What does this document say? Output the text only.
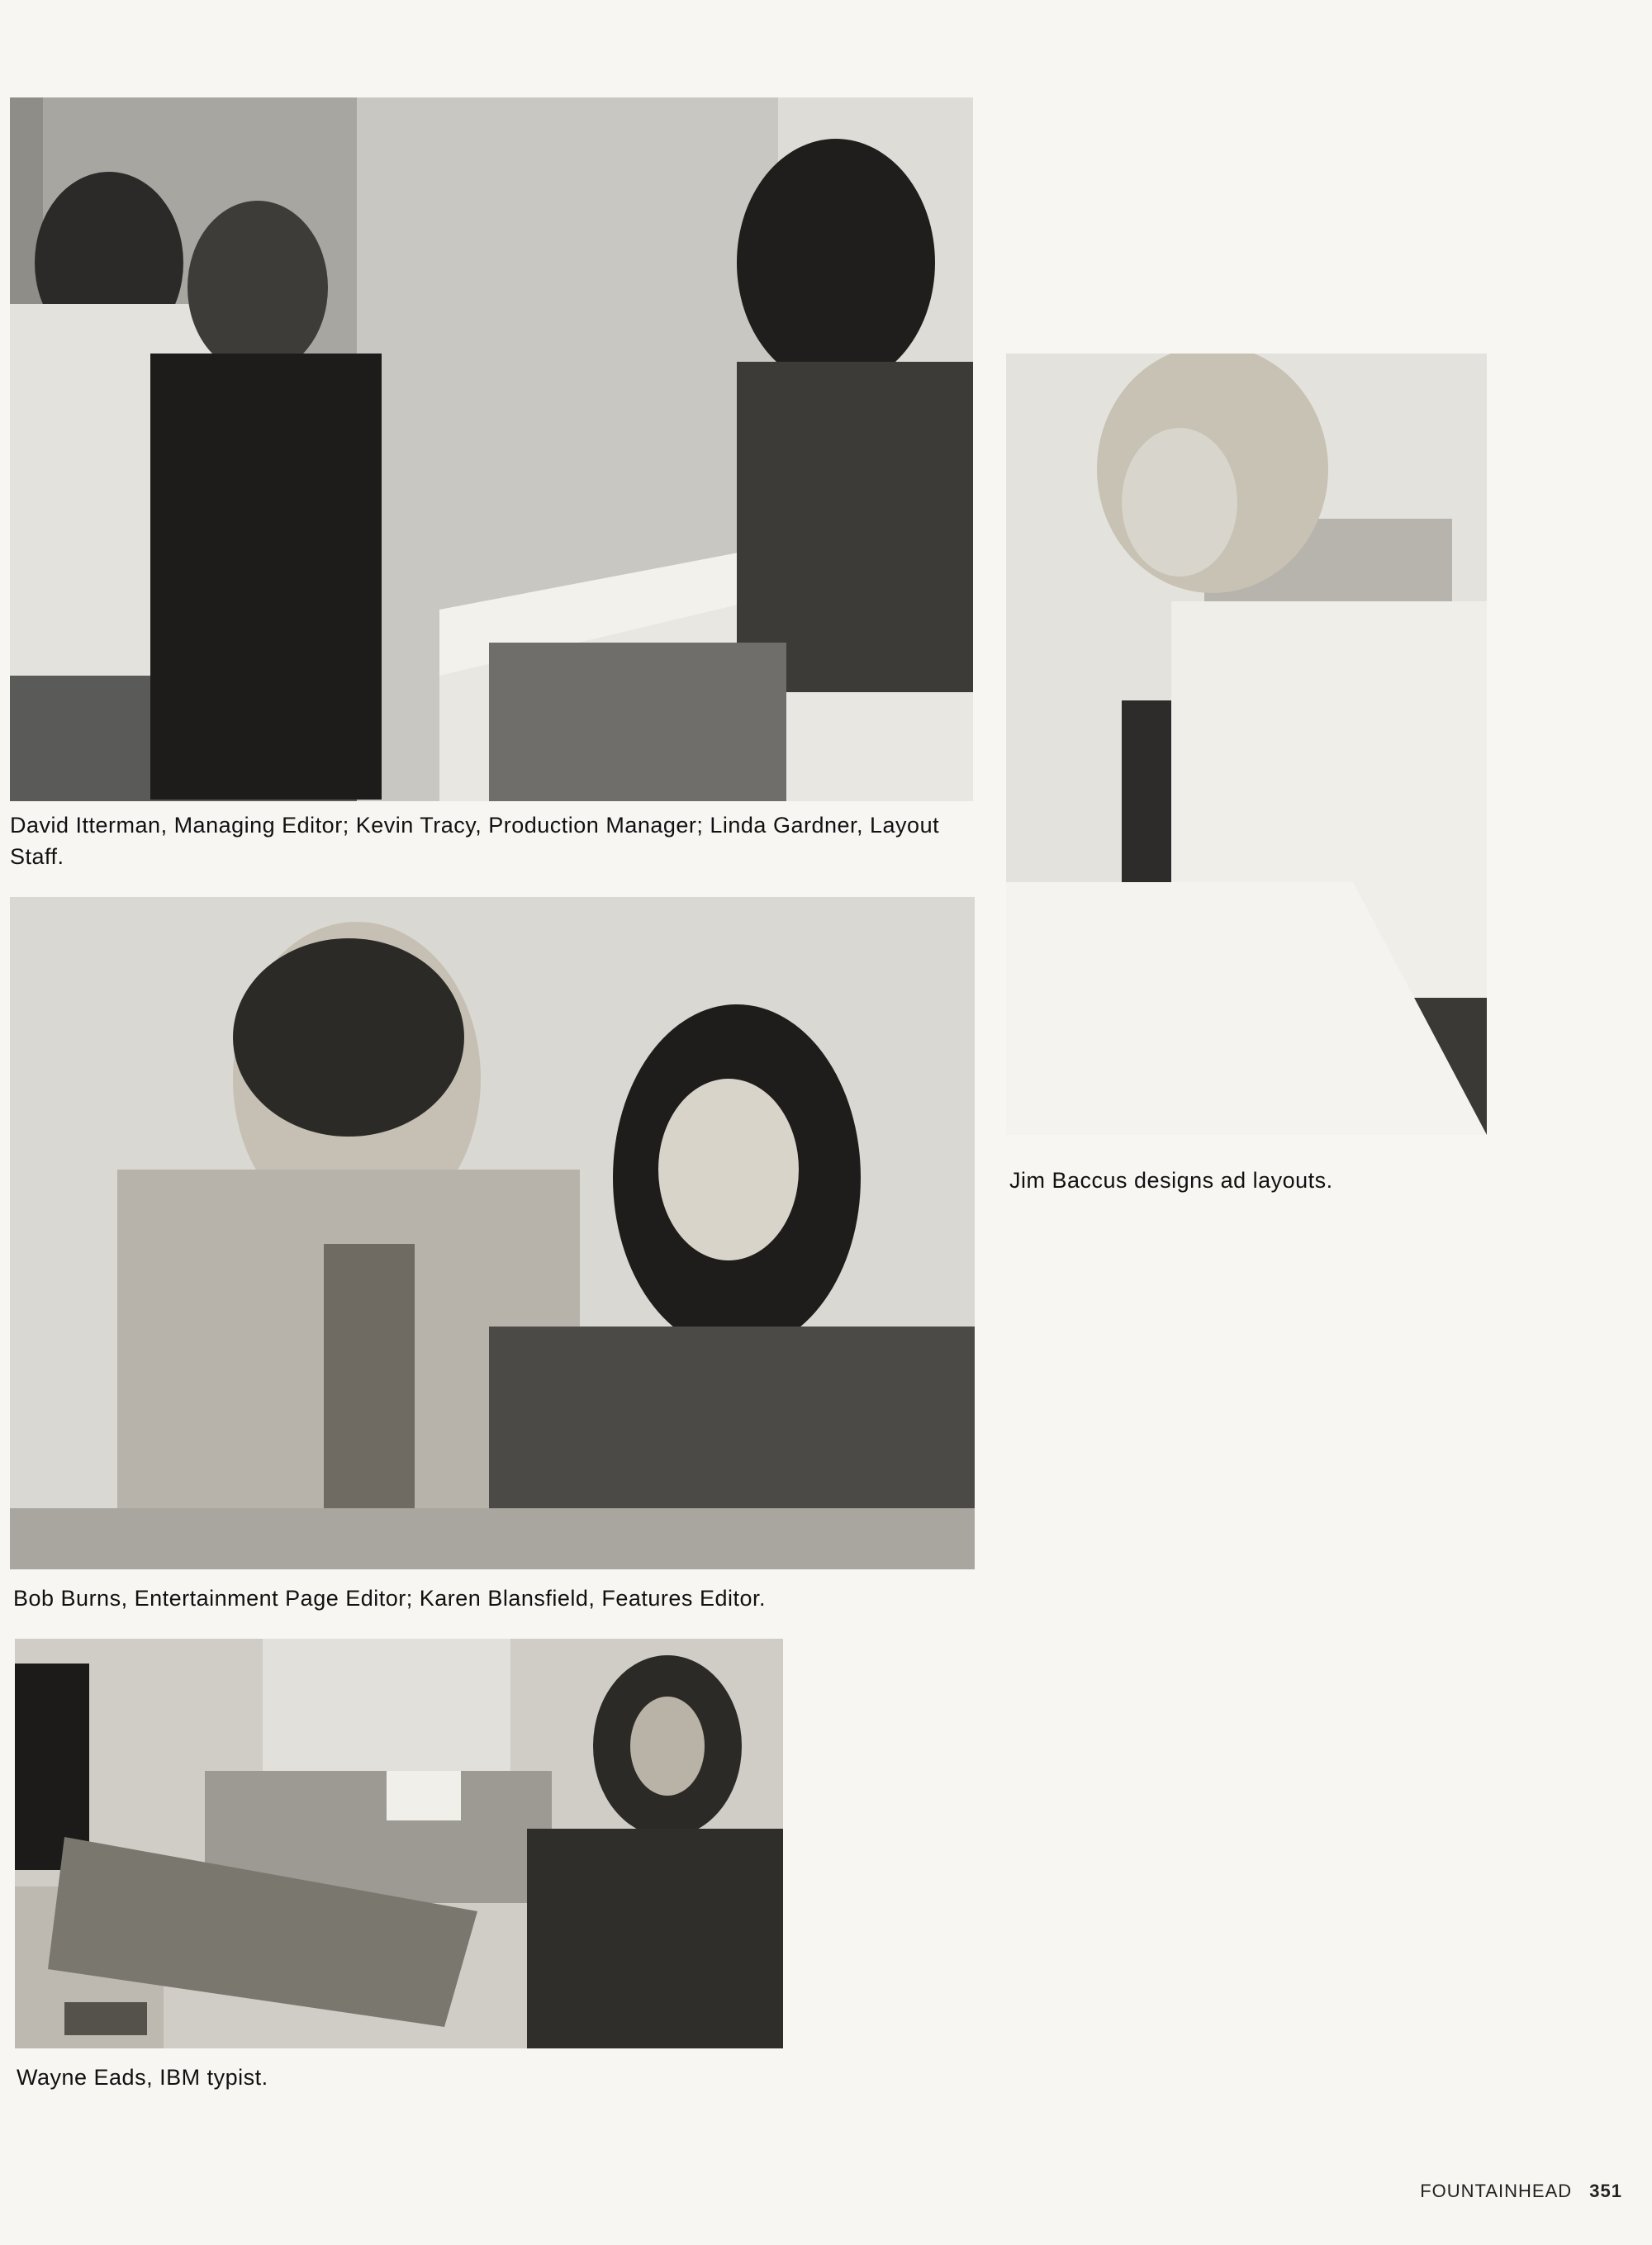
David Itterman, Managing Editor; Kevin Tracy, Production Manager; Linda Gardner, Layout Staff.

Jim Baccus designs ad layouts.

Bob Burns, Entertainment Page Editor; Karen Blansfield, Features Editor.

Wayne Eads, IBM typist.

FOUNTAINHEAD 351
